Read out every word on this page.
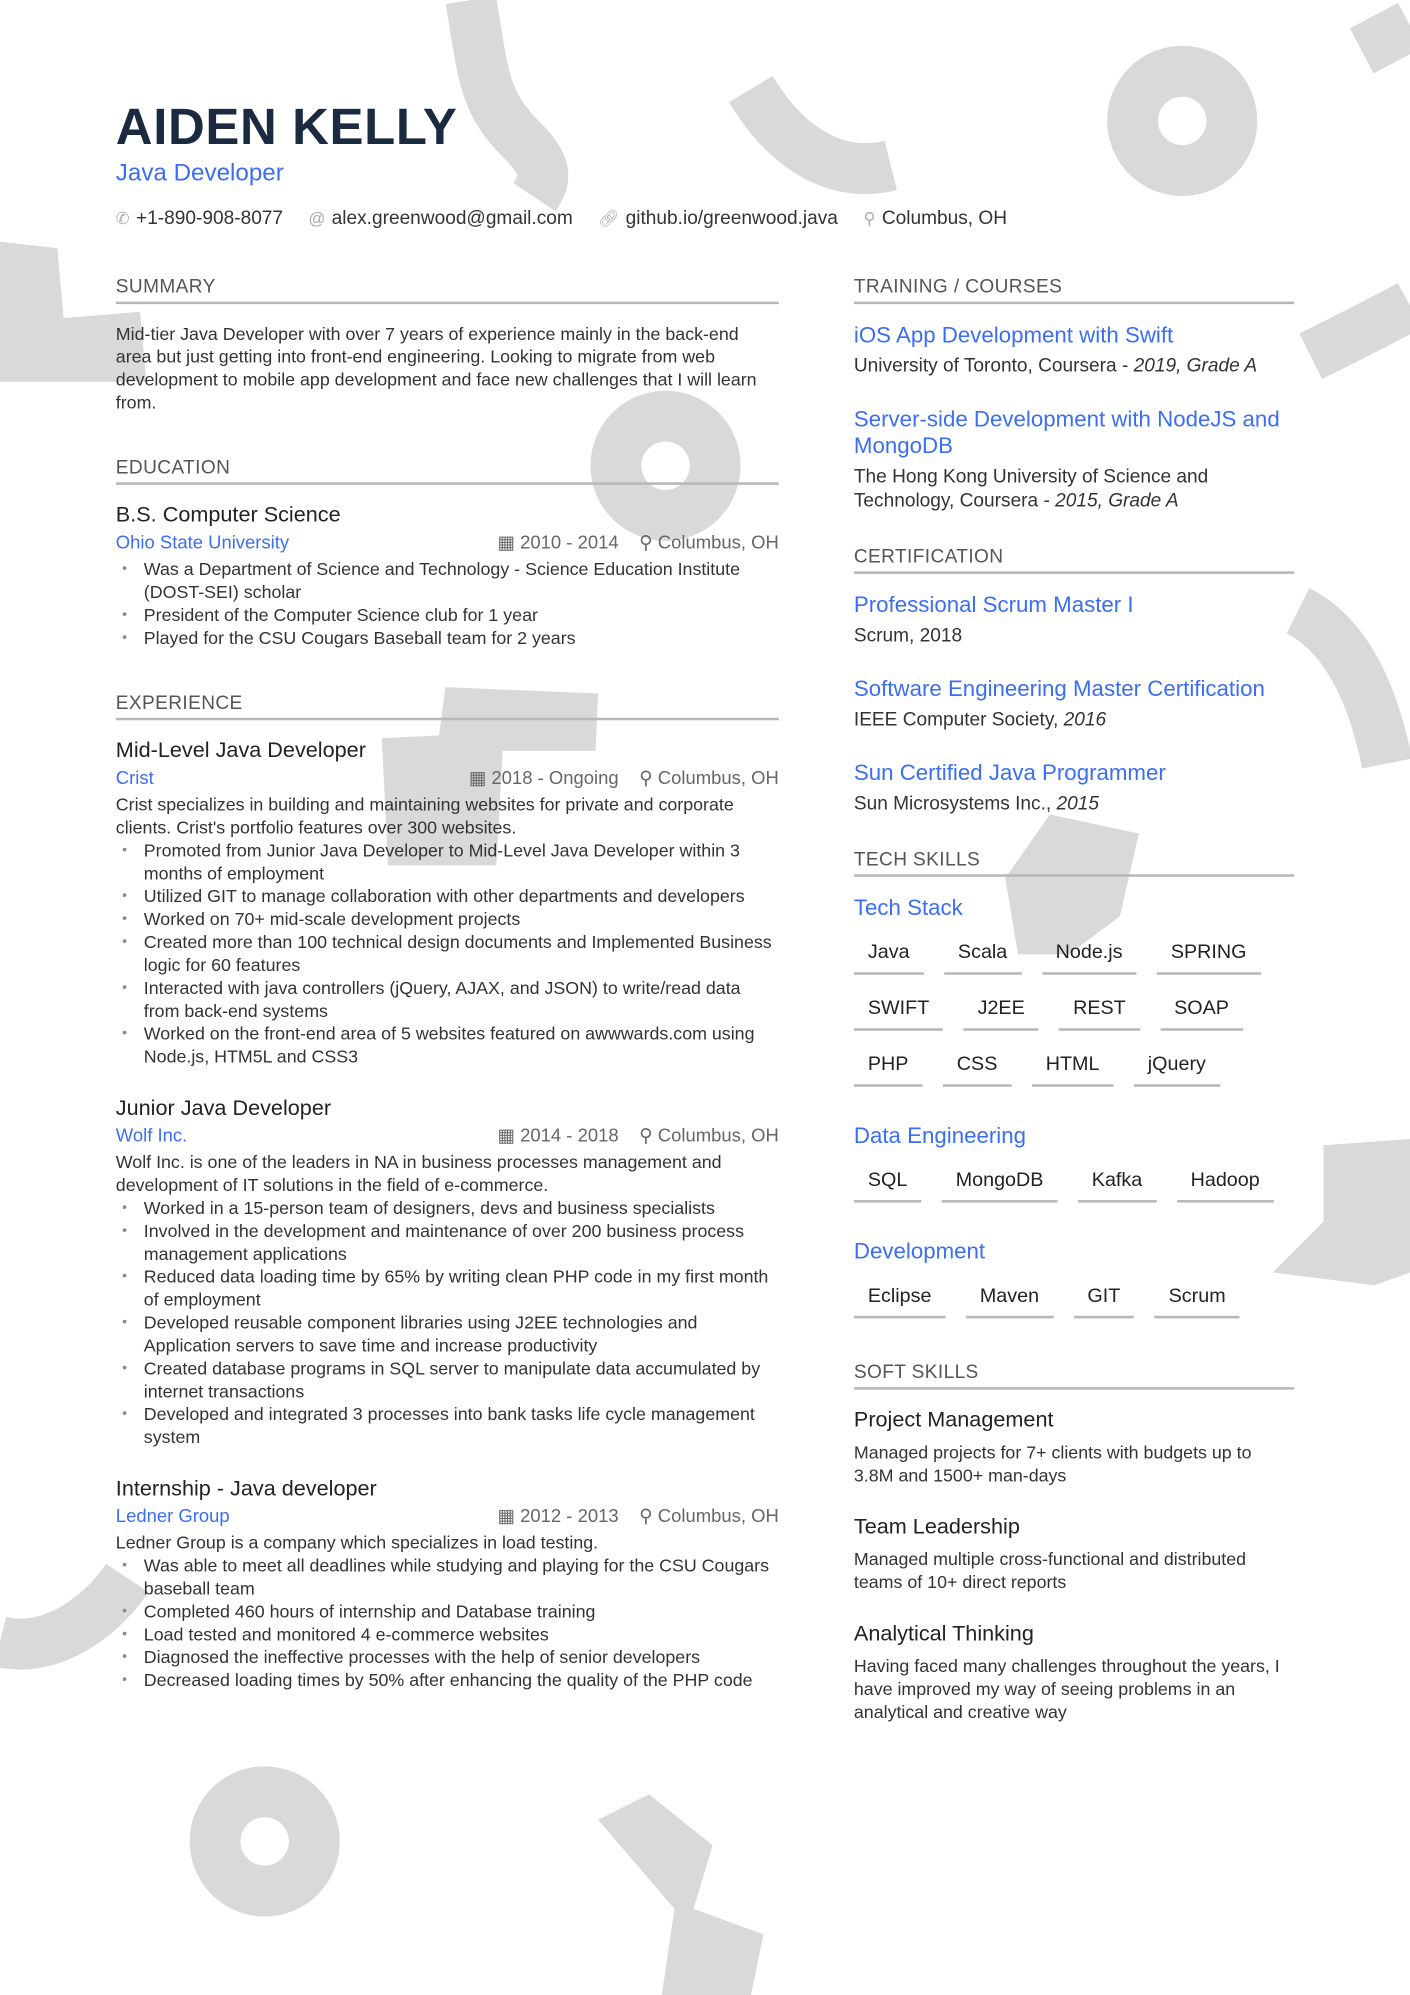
AIDEN KELLY
Java Developer
✆ +1-890-908-8077 @ alex.greenwood@gmail.com 🔗︎ github.io/greenwood.java ⚲ Columbus, OH
SUMMARY

Mid-tier Java Developer with over 7 years of experience mainly in the back-end area but just getting into front-end engineering. Looking to migrate from web development to mobile app development and face new challenges that I will learn from.

EDUCATION
B.S. Computer Science
Ohio State University	▦ 2010 - 2014 ⚲ Columbus, OH
• Was a Department of Science and Technology - Science Education Institute (DOST-SEI) scholar
• President of the Computer Science club for 1 year
• Played for the CSU Cougars Baseball team for 2 years
EXPERIENCE
Mid-Level Java Developer
Crist	▦ 2018 - Ongoing ⚲ Columbus, OH

Crist specializes in building and maintaining websites for private and corporate clients. Crist's portfolio features over 300 websites.

• Promoted from Junior Java Developer to Mid-Level Java Developer within 3 months of employment
• Utilized GIT to manage collaboration with other departments and developers
• Worked on 70+ mid-scale development projects
• Created more than 100 technical design documents and Implemented Business logic for 60 features
• Interacted with java controllers (jQuery, AJAX, and JSON) to write/read data from back-end systems
• Worked on the front-end area of 5 websites featured on awwwards.com using Node.js, HTM5L and CSS3
Junior Java Developer
Wolf Inc.	▦ 2014 - 2018 ⚲ Columbus, OH

Wolf Inc. is one of the leaders in NA in business processes management and development of IT solutions in the field of e-commerce.

• Worked in a 15-person team of designers, devs and business specialists
• Involved in the development and maintenance of over 200 business process management applications
• Reduced data loading time by 65% by writing clean PHP code in my first month of employment
• Developed reusable component libraries using J2EE technologies and Application servers to save time and increase productivity
• Created database programs in SQL server to manipulate data accumulated by internet transactions
• Developed and integrated 3 processes into bank tasks life cycle management system
Internship - Java developer
Ledner Group	▦ 2012 - 2013 ⚲ Columbus, OH

Ledner Group is a company which specializes in load testing.

• Was able to meet all deadlines while studying and playing for the CSU Cougars baseball team
• Completed 460 hours of internship and Database training
• Load tested and monitored 4 e-commerce websites
• Diagnosed the ineffective processes with the help of senior developers
• Decreased loading times by 50% after enhancing the quality of the PHP code
TRAINING / COURSES
iOS App Development with Swift
University of Toronto, Coursera - 2019, Grade A
Server-side Development with NodeJS and MongoDB
The Hong Kong University of Science and Technology, Coursera - 2015, Grade A
CERTIFICATION
Professional Scrum Master I
Scrum, 2018
Software Engineering Master Certification
IEEE Computer Society, 2016
Sun Certified Java Programmer
Sun Microsystems Inc., 2015
TECH SKILLS
Tech Stack
Java	Scala	Node.js	SPRING
SWIFT	J2EE	REST	SOAP
PHP	CSS	HTML	jQuery
Data Engineering
SQL	MongoDB	Kafka	Hadoop
Development
Eclipse	Maven	GIT	Scrum
SOFT SKILLS
Project Management

Managed projects for 7+ clients with budgets up to 3.8M and 1500+ man-days

Team Leadership

Managed multiple cross-functional and distributed teams of 10+ direct reports

Analytical Thinking

Having faced many challenges throughout the years, I have improved my way of seeing problems in an analytical and creative way
